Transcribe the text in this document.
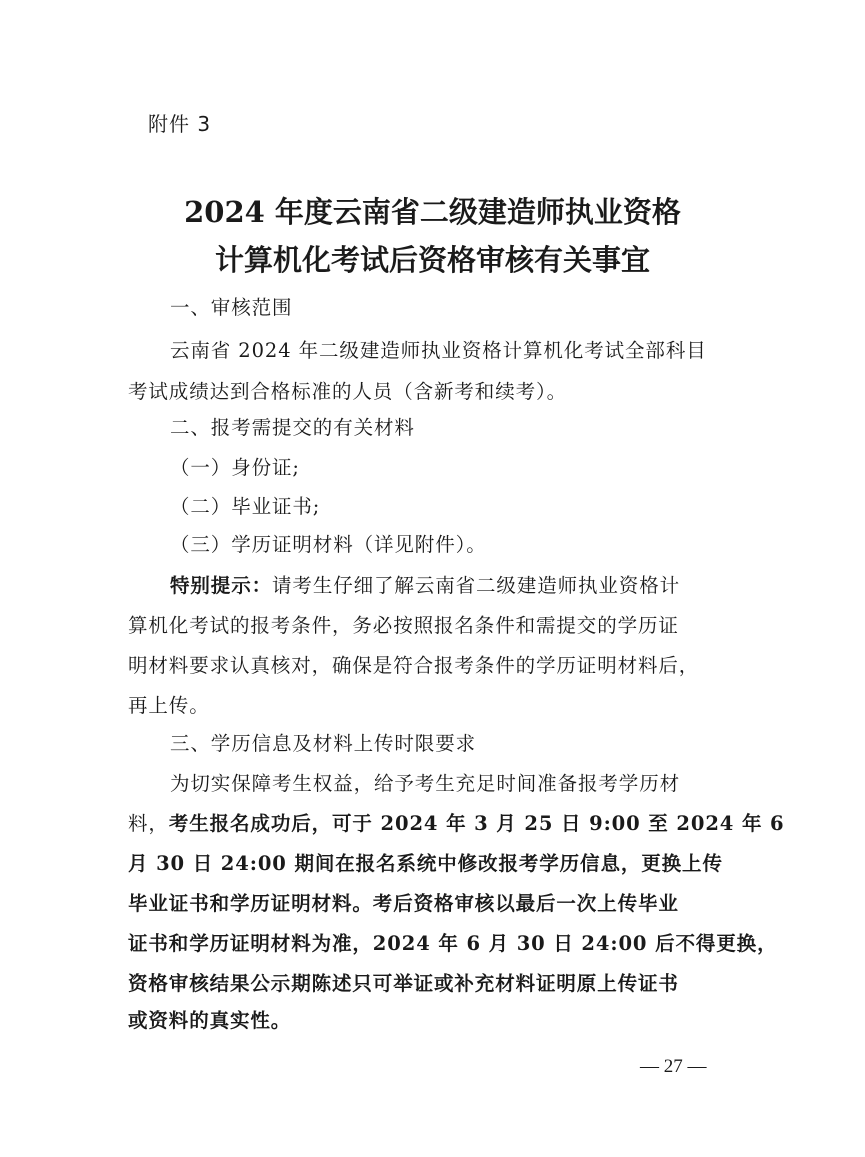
附件 3
2024 年度云南省二级建造师执业资格
计算机化考试后资格审核有关事宜
一、审核范围
云南省 2024 年二级建造师执业资格计算机化考试全部科目
考试成绩达到合格标准的人员（含新考和续考）。
二、报考需提交的有关材料
（一）身份证;
（二）毕业证书;
（三）学历证明材料（详见附件）。
特别提示：请考生仔细了解云南省二级建造师执业资格计
算机化考试的报考条件，务必按照报名条件和需提交的学历证
明材料要求认真核对，确保是符合报考条件的学历证明材料后，
再上传。
三、学历信息及材料上传时限要求
为切实保障考生权益，给予考生充足时间准备报考学历材
料，考生报名成功后，可于 2024 年 3 月 25 日 9:00 至 2024 年 6
月 30 日 24:00 期间在报名系统中修改报考学历信息，更换上传
毕业证书和学历证明材料。考后资格审核以最后一次上传毕业
证书和学历证明材料为准，2024 年 6 月 30 日 24:00 后不得更换，
资格审核结果公示期陈述只可举证或补充材料证明原上传证书
或资料的真实性。
— 27 —
